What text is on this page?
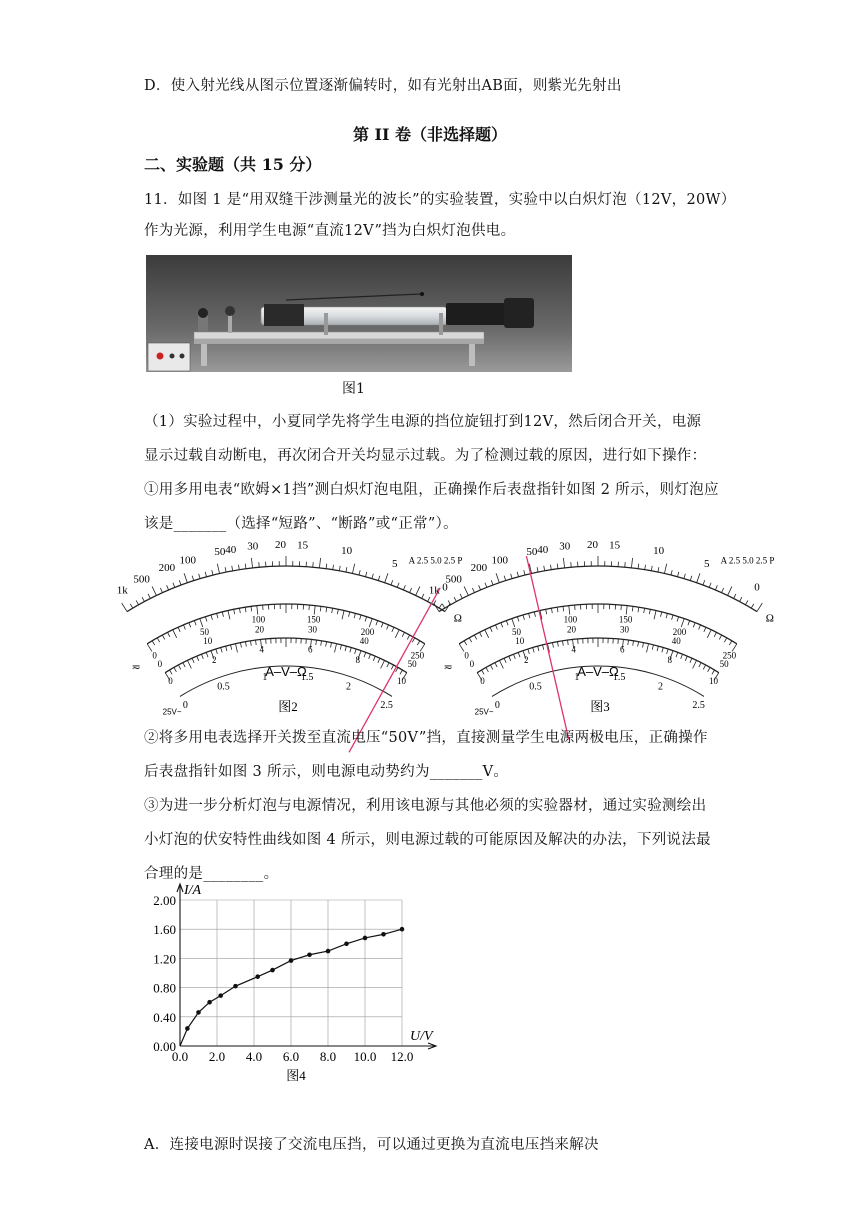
D．使入射光线从图示位置逐渐偏转时，如有光射出AB面，则紫光先射出
第 II 卷（非选择题）
二、实验题（共 15 分）
11．如图 1 是“用双缝干涉测量光的波长”的实验装置，实验中以白炽灯泡（12V，20W）
作为光源，利用学生电源“直流12V”挡为白炽灯泡供电。
图1
（1）实验过程中，小夏同学先将学生电源的挡位旋钮打到12V，然后闭合开关，电源
显示过载自动断电，再次闭合开关均显示过载。为了检测过载的原因，进行如下操作：
①用多用电表“欧姆×1挡”测白炽灯泡电阻，正确操作后表盘指针如图 2 所示，则灯泡应
该是_______（选择“短路”、“断路”或“正常”）。
1k
500
200
100
50 40 30 20 15	10
5
0
A 2.5 5.0 2.5 P
Ω
0
50
100	150
200
250
0
10
20	30
40
50
0
2
4	6
8
10
0
0.5
1	1.5
2
2.5
25V~
≂	A–V–Ω
图2
1k
500
200
100
50 40 30 20 15	10
5
0
A 2.5 5.0 2.5 P
Ω
0
50
100	150
200
250
0
10
20	30
40
50
0
2
4	6
8
10
0
0.5
1	1.5
2
2.5
25V~
≂	A–V–Ω
图3
②将多用电表选择开关拨至直流电压“50V”挡，直接测量学生电源两极电压，正确操作
后表盘指针如图 3 所示，则电源电动势约为_______V。
③为进一步分析灯泡与电源情况，利用该电源与其他必须的实验器材，通过实验测绘出
小灯泡的伏安特性曲线如图 4 所示，则电源过载的可能原因及解决的办法，下列说法最
合理的是________。
0.0 2.0 4.0 6.0 8.0 10.0 12.0
0.00
0.40
0.80
1.20
1.60
2.00
I/A
U/V
图4
A．连接电源时误接了交流电压挡，可以通过更换为直流电压挡来解决
